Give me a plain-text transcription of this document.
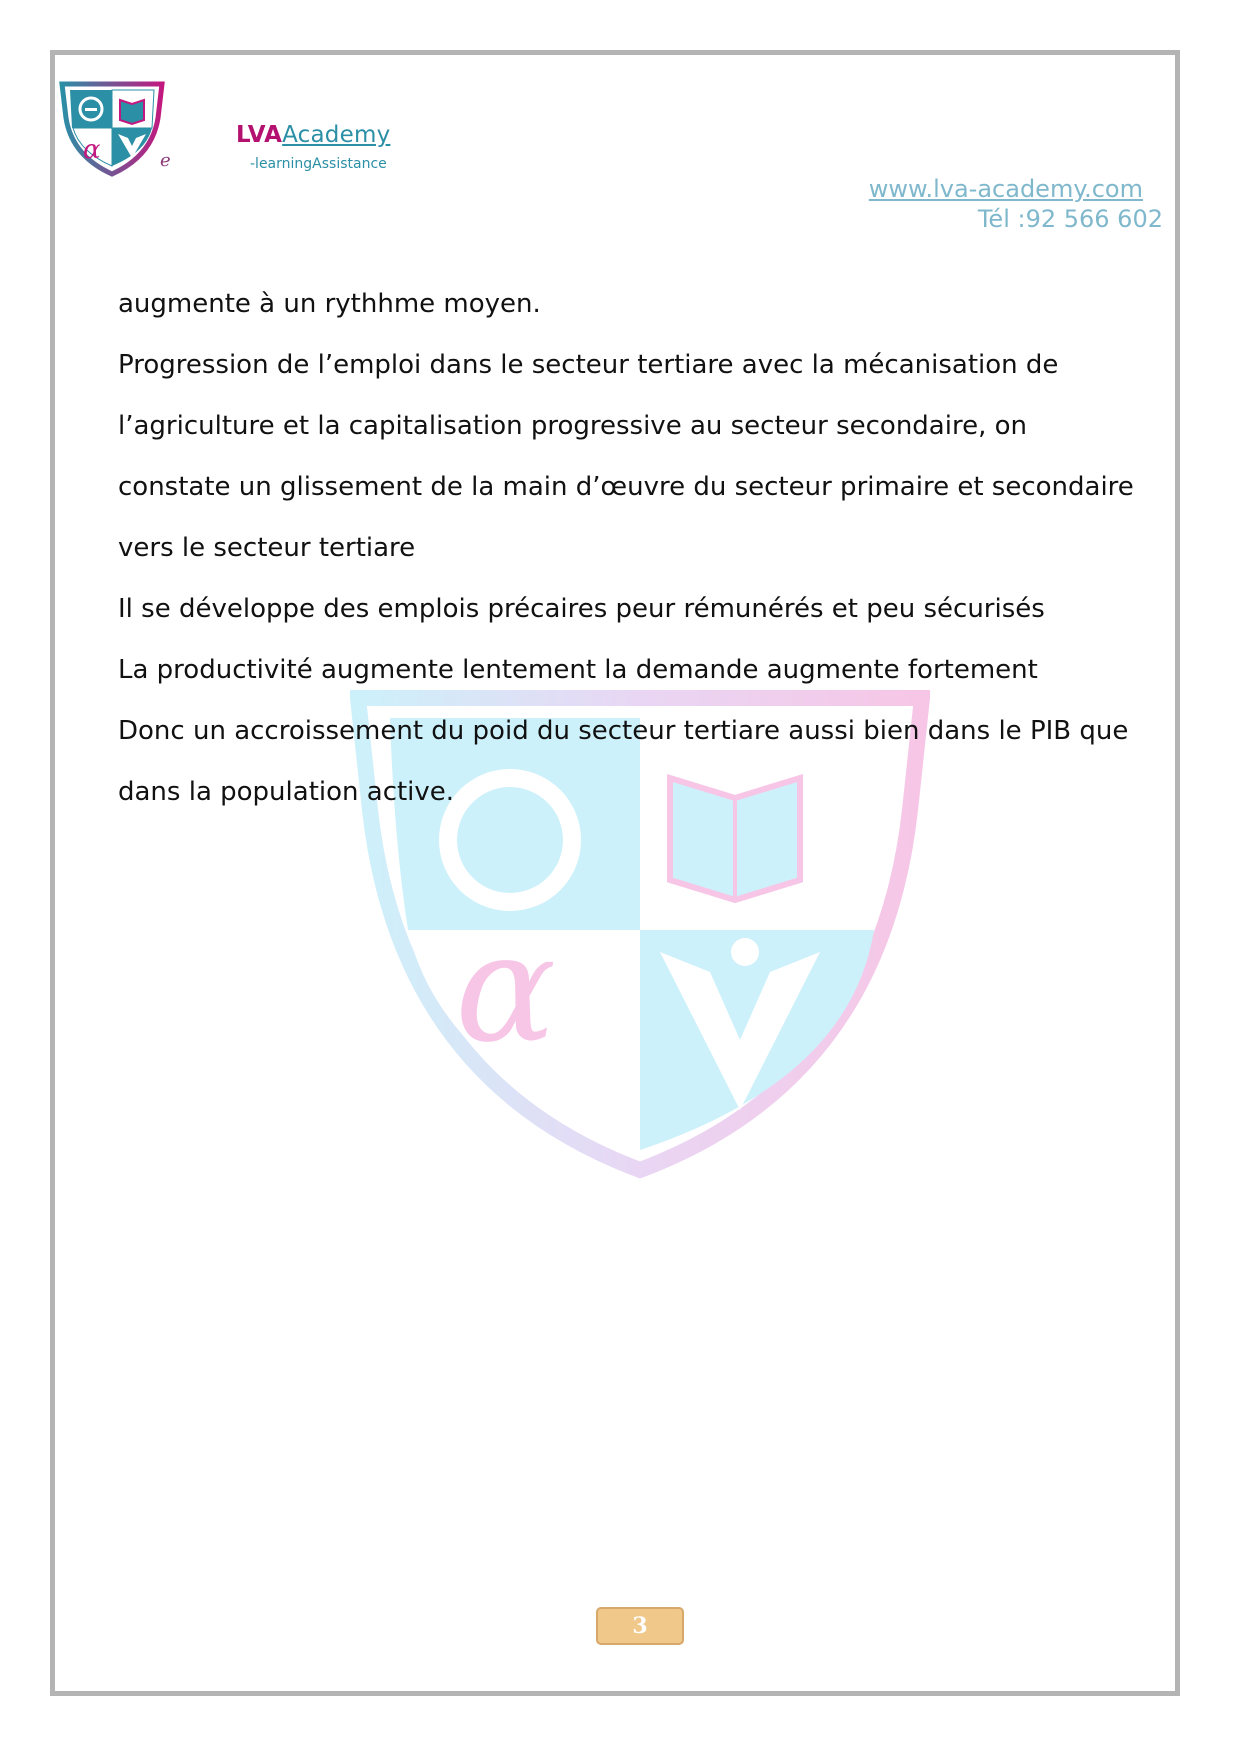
α	e
LVAAcademy
-learningAssistance
www.lva-academy.com
Tél :92 566 602
α

augmente à un rythhme moyen.

Progression de l’emploi dans le secteur tertiare avec la mécanisation de

l’agriculture et la capitalisation progressive au secteur secondaire, on

constate un glissement de la main d’œuvre du secteur primaire et secondaire

vers le secteur tertiare

Il se développe des emplois précaires peur rémunérés et peu sécurisés

La productivité augmente lentement la demande augmente fortement

Donc un accroissement du poid du secteur tertiare aussi bien dans le PIB que

dans la population active.

3
